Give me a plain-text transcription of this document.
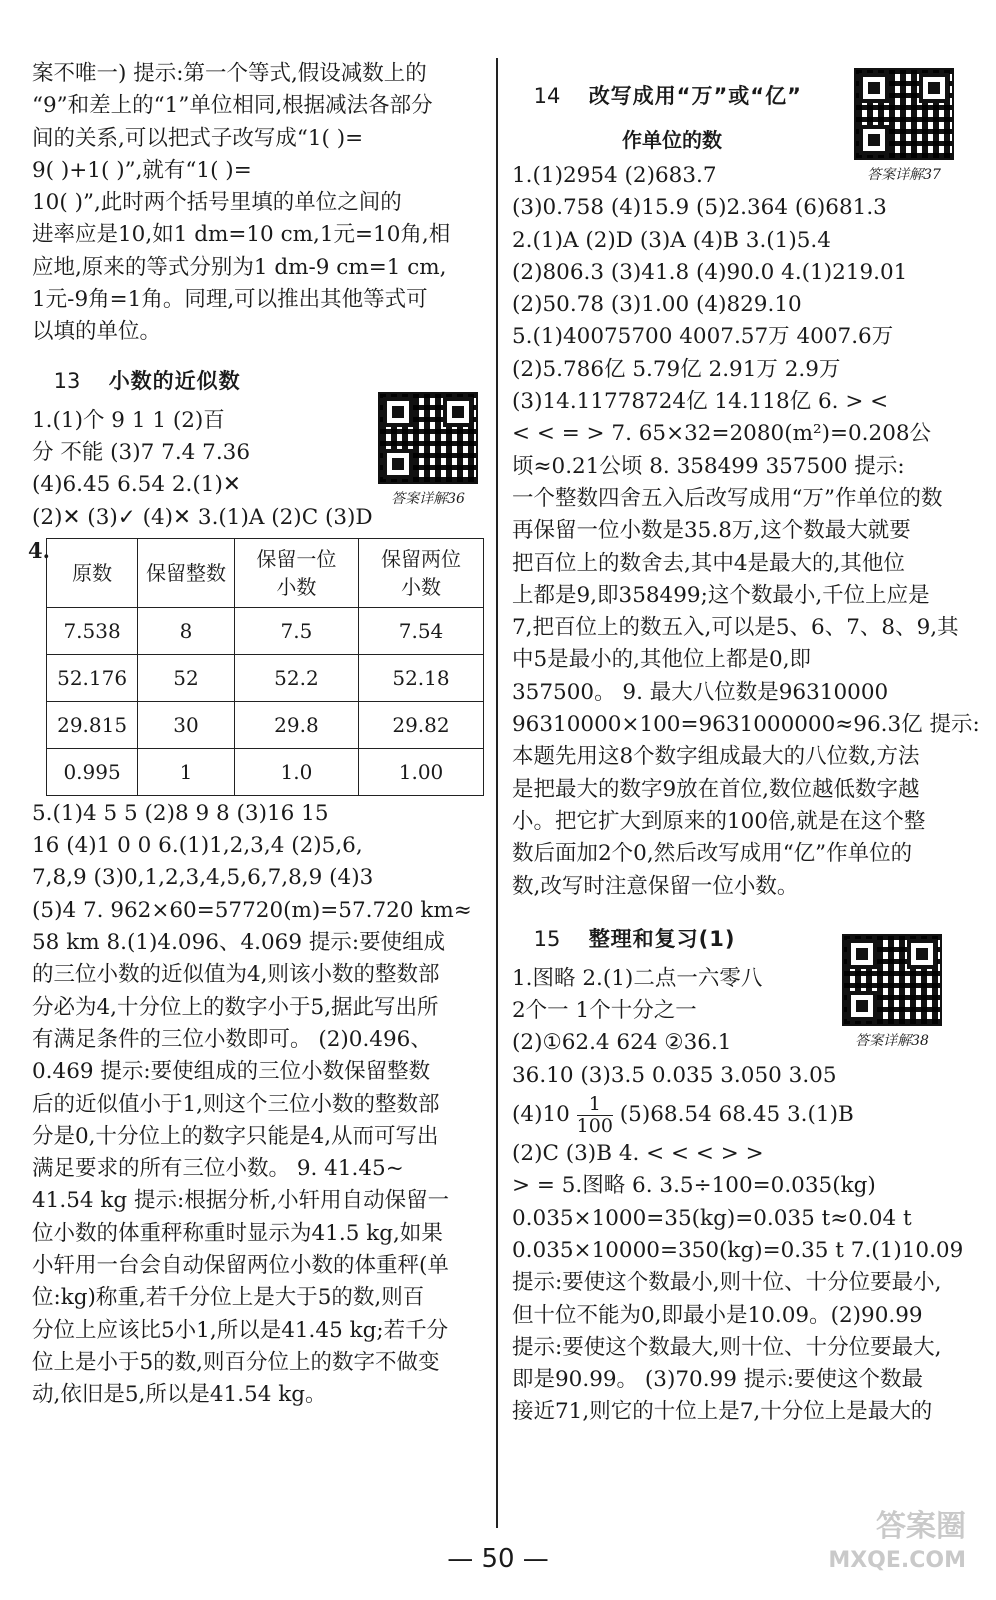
案不唯一) 提示:第一个等式,假设减数上的
“9”和差上的“1”单位相同,根据减法各部分
间的关系,可以把式子改写成“1( )=
9( )+1( )”,就有“1( )=
10( )”,此时两个括号里填的单位之间的
进率应是10,如1 dm=10 cm,1元=10角,相
应地,原来的等式分别为1 dm-9 cm=1 cm,
1元-9角=1角。同理,可以推出其他等式可
以填的单位。
13 小数的近似数
1.(1)个 9 1 1 (2)百
分 不能 (3)7 7.4 7.36
(4)6.45 6.54 2.(1)✕
(2)✕ (3)✓ (4)✕ 3.(1)A (2)C (3)D
4.
原数	保留整数	保留一位小数	保留两位小数
7.538	8	7.5	7.54
52.176	52	52.2	52.18
29.815	30	29.8	29.82
0.995	1	1.0	1.00
5.(1)4 5 5 (2)8 9 8 (3)16 15
16 (4)1 0 0 6.(1)1,2,3,4 (2)5,6,
7,8,9 (3)0,1,2,3,4,5,6,7,8,9 (4)3
(5)4 7. 962×60=57720(m)=57.720 km≈
58 km 8.(1)4.096、4.069 提示:要使组成
的三位小数的近似值为4,则该小数的整数部
分必为4,十分位上的数字小于5,据此写出所
有满足条件的三位小数即可。 (2)0.496、
0.469 提示:要使组成的三位小数保留整数
后的近似值小于1,则这个三位小数的整数部
分是0,十分位上的数字只能是4,从而可写出
满足要求的所有三位小数。 9. 41.45~
41.54 kg 提示:根据分析,小轩用自动保留一
位小数的体重秤称重时显示为41.5 kg,如果
小轩用一台会自动保留两位小数的体重秤(单
位:kg)称重,若千分位上是大于5的数,则百
分位上应该比5小1,所以是41.45 kg;若千分
位上是小于5的数,则百分位上的数字不做变
动,依旧是5,所以是41.54 kg。
答案详解36
14 改写成用“万”或“亿”
作单位的数
1.(1)2954 (2)683.7
(3)0.758 (4)15.9 (5)2.364 (6)681.3
2.(1)A (2)D (3)A (4)B 3.(1)5.4
(2)806.3 (3)41.8 (4)90.0 4.(1)219.01
(2)50.78 (3)1.00 (4)829.10
5.(1)40075700 4007.57万 4007.6万
(2)5.786亿 5.79亿 2.91万 2.9万
(3)14.11778724亿 14.118亿 6. > <
< < = > 7. 65×32=2080(m²)=0.208公
顷≈0.21公顷 8. 358499 357500 提示:
一个整数四舍五入后改写成用“万”作单位的数
再保留一位小数是35.8万,这个数最大就要
把百位上的数舍去,其中4是最大的,其他位
上都是9,即358499;这个数最小,千位上应是
7,把百位上的数五入,可以是5、6、7、8、9,其
中5是最小的,其他位上都是0,即
357500。 9. 最大八位数是96310000
96310000×100=9631000000≈96.3亿 提示:
本题先用这8个数字组成最大的八位数,方法
是把最大的数字9放在首位,数位越低数字越
小。把它扩大到原来的100倍,就是在这个整
数后面加2个0,然后改写成用“亿”作单位的
数,改写时注意保留一位小数。
15 整理和复习(1)
1.图略 2.(1)二点一六零八
2个一 1个十分之一
(2)①62.4 624 ②36.1
36.10 (3)3.5 0.035 3.050 3.05
$(4)10 \frac{1}{100} (5)68.54$ 68.45 3.(1)B
(2)C (3)B 4. < < < > >
> = 5.图略 6. 3.5÷100=0.035(kg)
0.035×1000=35(kg)=0.035 t≈0.04 t
0.035×10000=350(kg)=0.35 t 7.(1)10.09
提示:要使这个数最小,则十位、十分位要最小,
但十位不能为0,即最小是10.09。(2)90.99
提示:要使这个数最大,则十位、十分位要最大,
即是90.99。 (3)70.99 提示:要使这个数最
接近71,则它的十位上是7,十分位上是最大的
答案详解37
答案详解38
— 50 —
答案圈
MXQE.COM
